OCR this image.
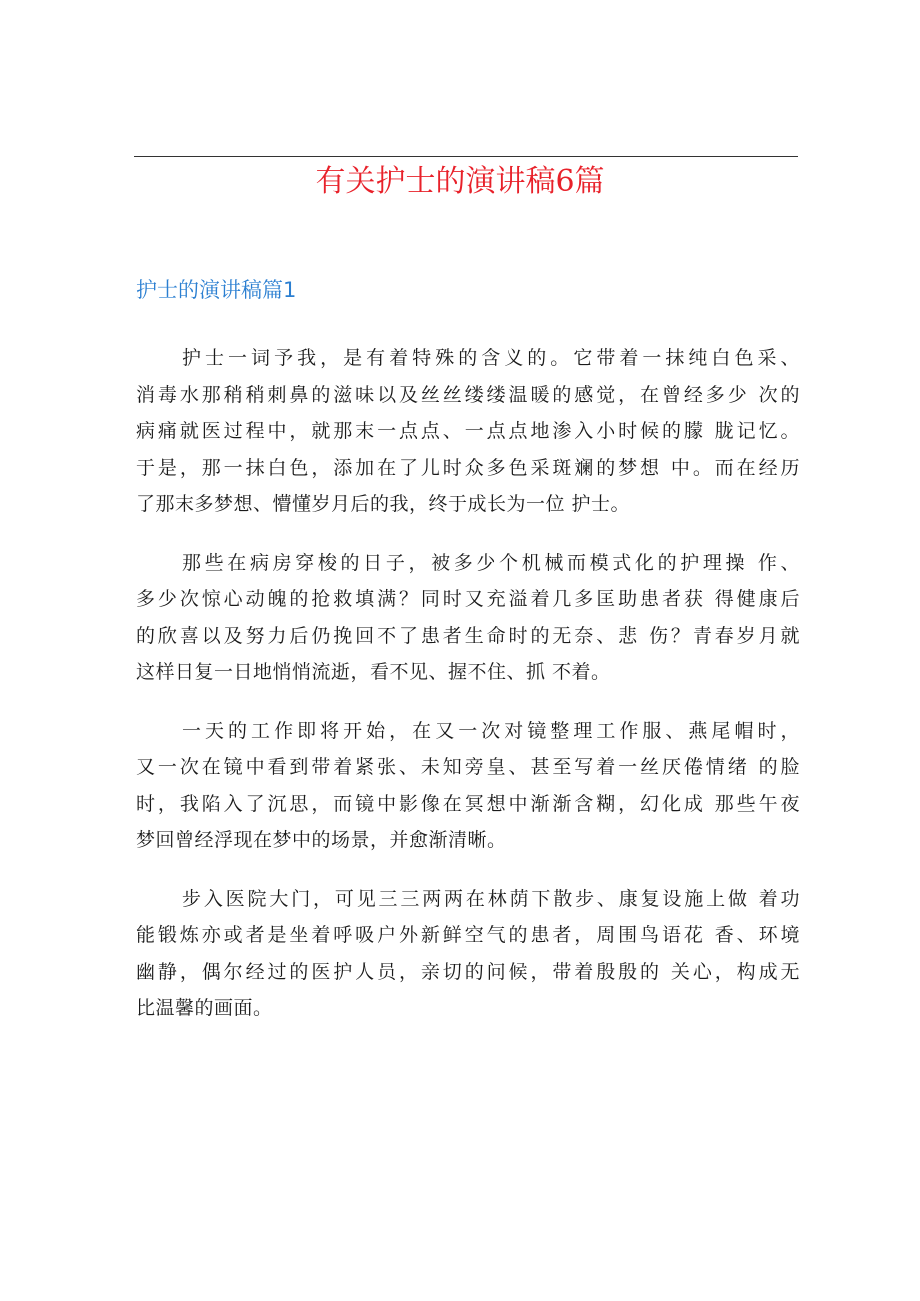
有关护士的演讲稿6篇
护士的演讲稿篇1

护士一词予我，是有着特殊的含义的。它带着一抹纯白色采、
消毒水那稍稍刺鼻的滋味以及丝丝缕缕温暖的感觉，在曾经多少 次的
病痛就医过程中，就那末一点点、一点点地渗入小时候的朦 胧记忆。
于是，那一抹白色，添加在了儿时众多色采斑斓的梦想 中。而在经历
了那末多梦想、懵懂岁月后的我，终于成长为一位 护士。

那些在病房穿梭的日子，被多少个机械而模式化的护理操 作、
多少次惊心动魄的抢救填满？同时又充溢着几多匡助患者获 得健康后
的欣喜以及努力后仍挽回不了患者生命时的无奈、悲 伤？青春岁月就
这样日复一日地悄悄流逝，看不见、握不住、抓 不着。

一天的工作即将开始，在又一次对镜整理工作服、燕尾帽时，
又一次在镜中看到带着紧张、未知旁皇、甚至写着一丝厌倦情绪 的脸
时，我陷入了沉思，而镜中影像在冥想中渐渐含糊，幻化成 那些午夜
梦回曾经浮现在梦中的场景，并愈渐清晰。

步入医院大门，可见三三两两在林荫下散步、康复设施上做 着功
能锻炼亦或者是坐着呼吸户外新鲜空气的患者，周围鸟语花 香、环境
幽静，偶尔经过的医护人员，亲切的问候，带着殷殷的 关心，构成无
比温馨的画面。
